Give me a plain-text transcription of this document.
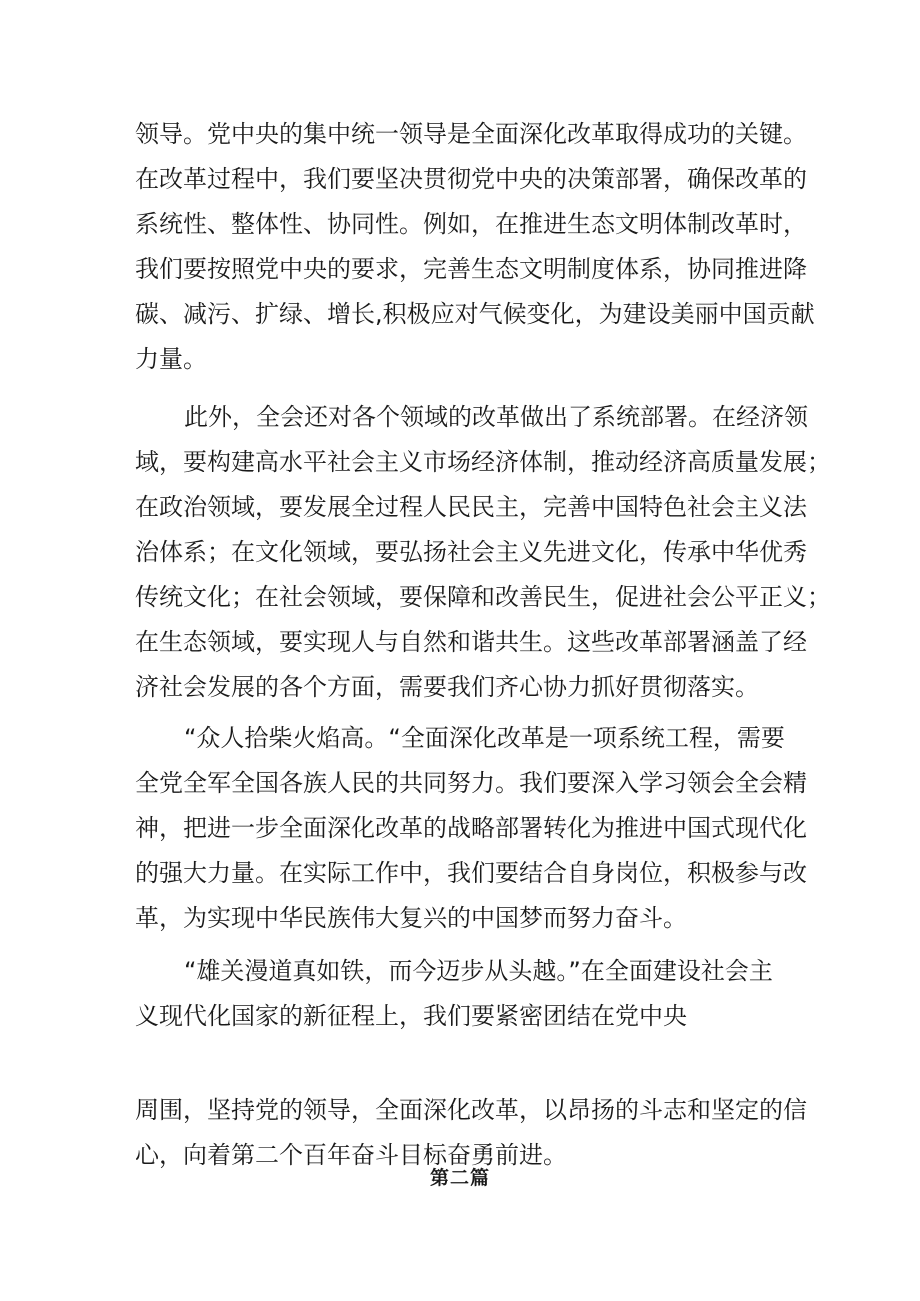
领导。党中央的集中统一领导是全面深化改革取得成功的关键。
在改革过程中，我们要坚决贯彻党中央的决策部署，确保改革的
系统性、整体性、协同性。例如，在推进生态文明体制改革时，
我们要按照党中央的要求，完善生态文明制度体系，协同推进降
碳、减污、扩绿、增长,积极应对气候变化，为建设美丽中国贡献
力量。

此外，全会还对各个领域的改革做出了系统部署。在经济领
域，要构建高水平社会主义市场经济体制，推动经济高质量发展；
在政治领域，要发展全过程人民民主，完善中国特色社会主义法
治体系；在文化领域，要弘扬社会主义先进文化，传承中华优秀
传统文化；在社会领域，要保障和改善民生，促进社会公平正义；
在生态领域，要实现人与自然和谐共生。这些改革部署涵盖了经
济社会发展的各个方面，需要我们齐心协力抓好贯彻落实。

“众人拾柴火焰高。“全面深化改革是一项系统工程，需要
全党全军全国各族人民的共同努力。我们要深入学习领会全会精
神，把进一步全面深化改革的战略部署转化为推进中国式现代化
的强大力量。在实际工作中，我们要结合自身岗位，积极参与改
革，为实现中华民族伟大复兴的中国梦而努力奋斗。

“雄关漫道真如铁，而今迈步从头越。”在全面建设社会主
义现代化国家的新征程上，我们要紧密团结在党中央

周围，坚持党的领导，全面深化改革，以昂扬的斗志和坚定的信
心，向着第二个百年奋斗目标奋勇前进。

第二篇
